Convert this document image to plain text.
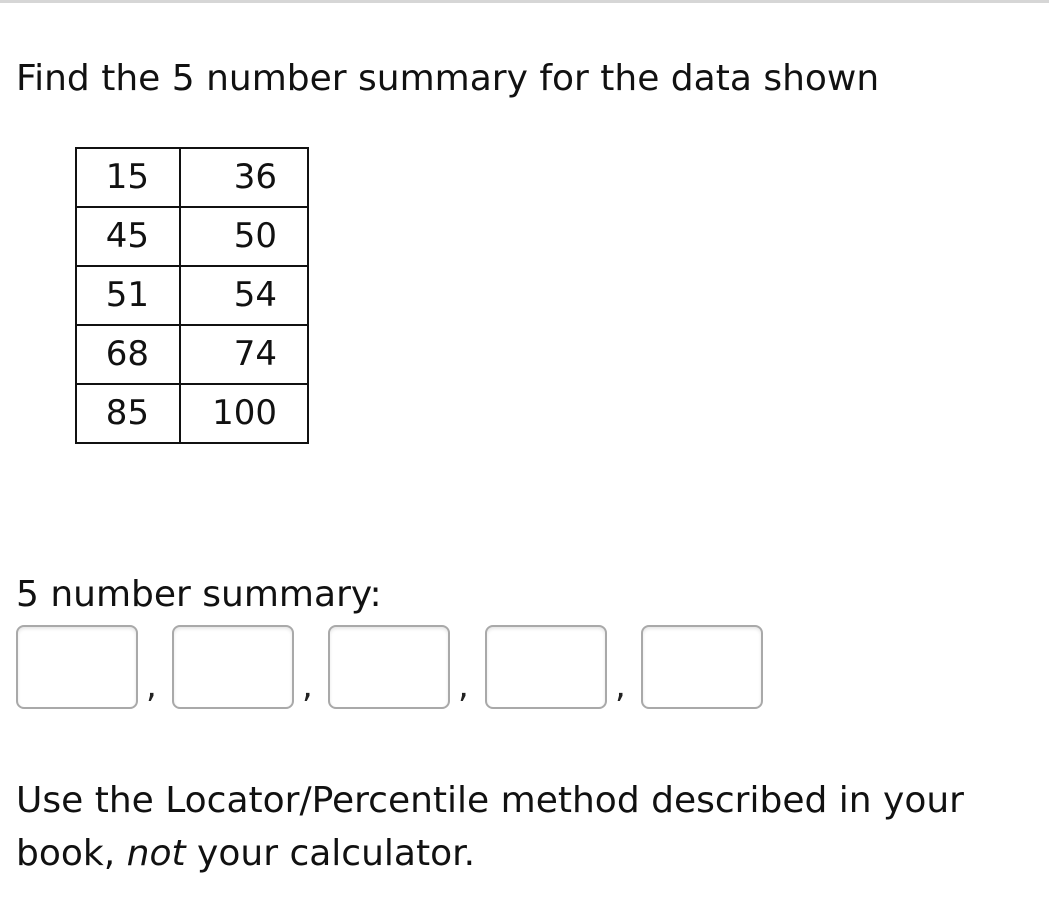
Find the 5 number summary for the data shown
15	36
45	50
51	54
68	74
85	100
5 number summary:
,	,	,	,
Use the Locator/Percentile method described in your book, not your calculator.
